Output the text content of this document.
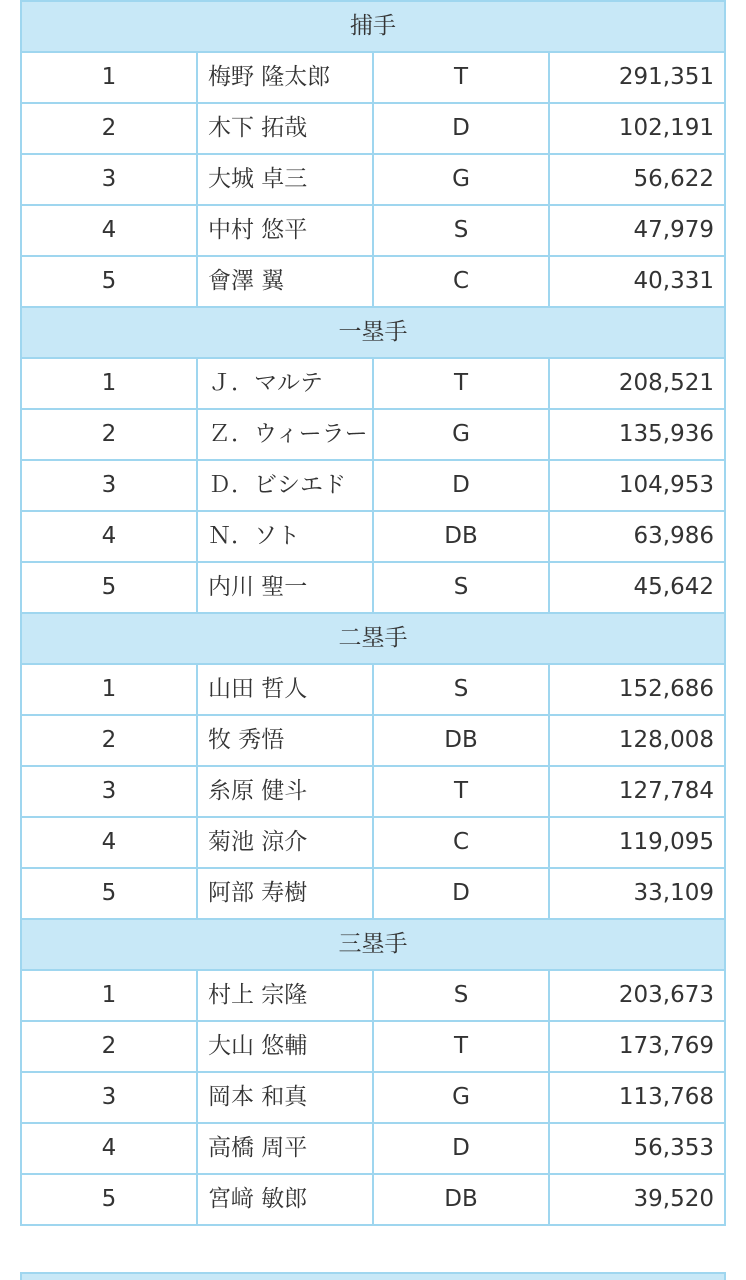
捕手			
1	梅野 隆太郎	T	291,351
2	木下 拓哉	D	102,191
3	大城 卓三	G	56,622
4	中村 悠平	S	47,979
5	會澤 翼	C	40,331
一塁手			
1	Ｊ．マルテ	T	208,521
2	Ｚ．ウィーラー	G	135,936
3	Ｄ．ビシエド	D	104,953
4	Ｎ．ソト	DB	63,986
5	内川 聖一	S	45,642
二塁手			
1	山田 哲人	S	152,686
2	牧 秀悟	DB	128,008
3	糸原 健斗	T	127,784
4	菊池 涼介	C	119,095
5	阿部 寿樹	D	33,109
三塁手			
1	村上 宗隆	S	203,673
2	大山 悠輔	T	173,769
3	岡本 和真	G	113,768
4	高橋 周平	D	56,353
5	宮﨑 敏郎	DB	39,520
